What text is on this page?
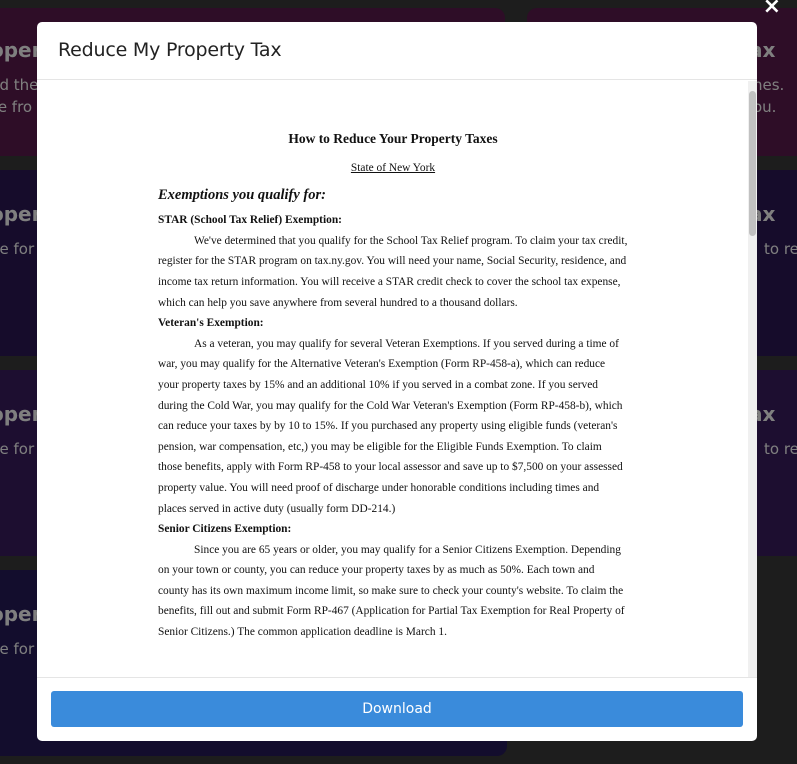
×
Reduce My Property Tax
How to Reduce Your Property Taxes
State of New York
Exemptions you qualify for:
STAR (School Tax Relief) Exemption:

We've determined that you qualify for the School Tax Relief program. To claim your tax credit, register for the STAR program on tax.ny.gov. You will need your name, Social Security, residence, and income tax return information. You will receive a STAR credit check to cover the school tax expense, which can help you save anywhere from several hundred to a thousand dollars.

Veteran's Exemption:

As a veteran, you may qualify for several Veteran Exemptions. If you served during a time of war, you may qualify for the Alternative Veteran's Exemption (Form RP-458-a), which can reduce your property taxes by 15% and an additional 10% if you served in a combat zone. If you served during the Cold War, you may qualify for the Cold War Veteran's Exemption (Form RP-458-b), which can reduce your taxes by by 10 to 15%. If you purchased any property using eligible funds (veteran's pension, war compensation, etc,) you may be eligible for the Eligible Funds Exemption. To claim those benefits, apply with Form RP-458 to your local assessor and save up to $7,500 on your assessed property value. You will need proof of discharge under honorable conditions including times and places served in active duty (usually form DD-214.)

Senior Citizens Exemption:

Since you are 65 years or older, you may qualify for a Senior Citizens Exemption. Depending on your town or county, you can reduce your property taxes by as much as 50%. Each town and county has its own maximum income limit, so make sure to check your county's website. To claim the benefits, fill out and submit Form RP-467 (Application for Partial Tax Exemption for Real Property of Senior Citizens.) The common application deadline is March 1.

Download
